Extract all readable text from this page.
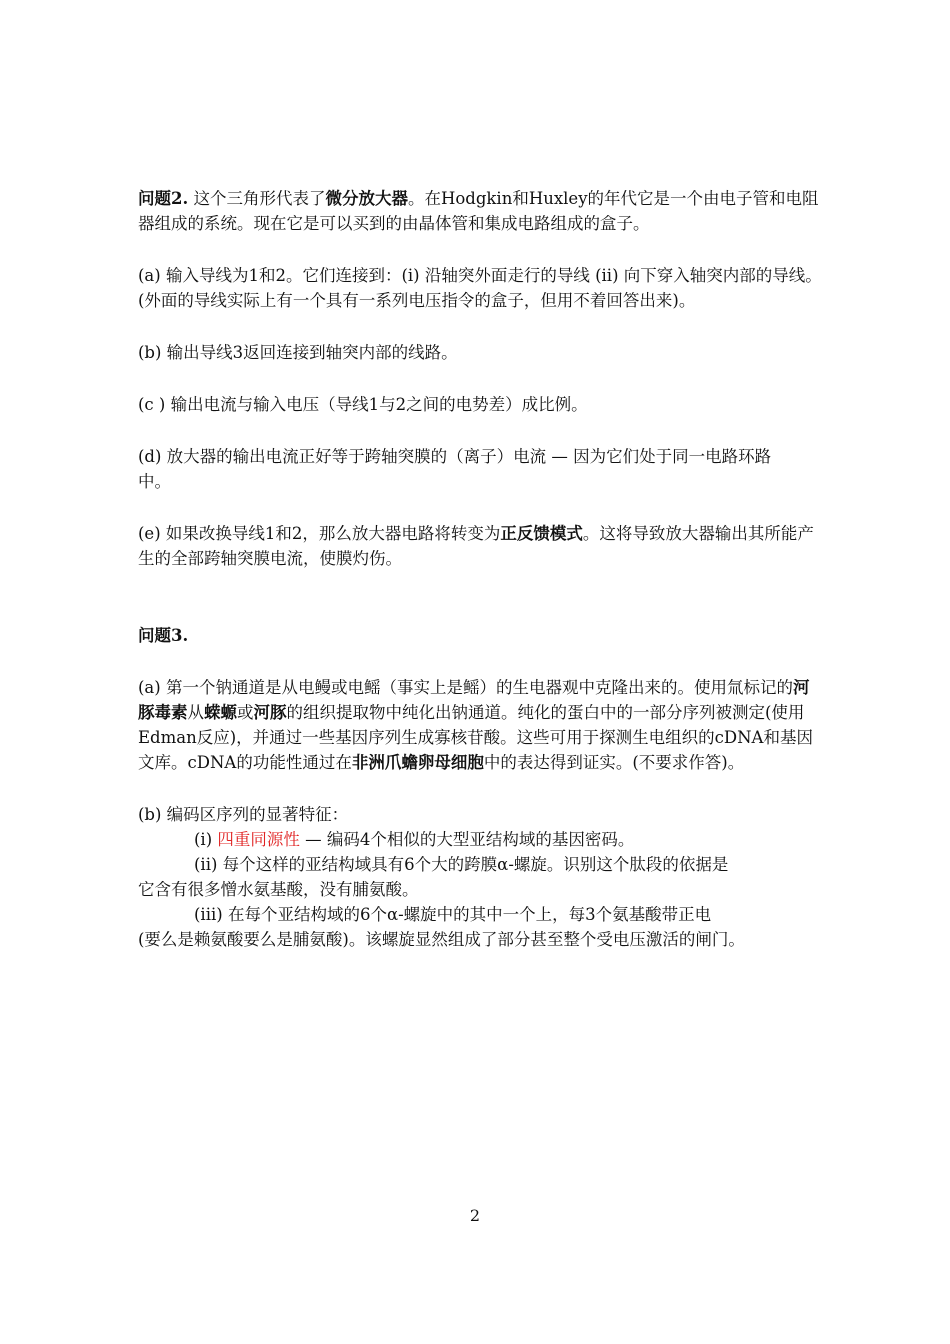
问题2. 这个三角形代表了微分放大器。在Hodgkin和Huxley的年代它是一个由电子管和电阻器组成的系统。现在它是可以买到的由晶体管和集成电路组成的盒子。

(a) 输入导线为1和2。它们连接到：(i) 沿轴突外面走行的导线 (ii) 向下穿入轴突内部的导线。(外面的导线实际上有一个具有一系列电压指令的盒子，但用不着回答出来)。

(b) 输出导线3返回连接到轴突内部的线路。

(c ) 输出电流与输入电压（导线1与2之间的电势差）成比例。

(d) 放大器的输出电流正好等于跨轴突膜的（离子）电流 — 因为它们处于同一电路环路中。

(e) 如果改换导线1和2，那么放大器电路将转变为正反馈模式。这将导致放大器输出其所能产生的全部跨轴突膜电流，使膜灼伤。

问题3.

(a) 第一个钠通道是从电鳗或电鳐（事实上是鳐）的生电器观中克隆出来的。使用氚标记的河豚毒素从蝾螈或河豚的组织提取物中纯化出钠通道。纯化的蛋白中的一部分序列被测定(使用Edman反应)，并通过一些基因序列生成寡核苷酸。这些可用于探测生电组织的cDNA和基因文库。cDNA的功能性通过在非洲爪蟾卵母细胞中的表达得到证实。(不要求作答)。

(b) 编码区序列的显著特征：

(i) 四重同源性 — 编码4个相似的大型亚结构域的基因密码。

(ii) 每个这样的亚结构域具有6个大的跨膜α-螺旋。识别这个肽段的依据是

它含有很多憎水氨基酸，没有脯氨酸。

(iii) 在每个亚结构域的6个α-螺旋中的其中一个上，每3个氨基酸带正电

(要么是赖氨酸要么是脯氨酸)。该螺旋显然组成了部分甚至整个受电压激活的闸门。

2
